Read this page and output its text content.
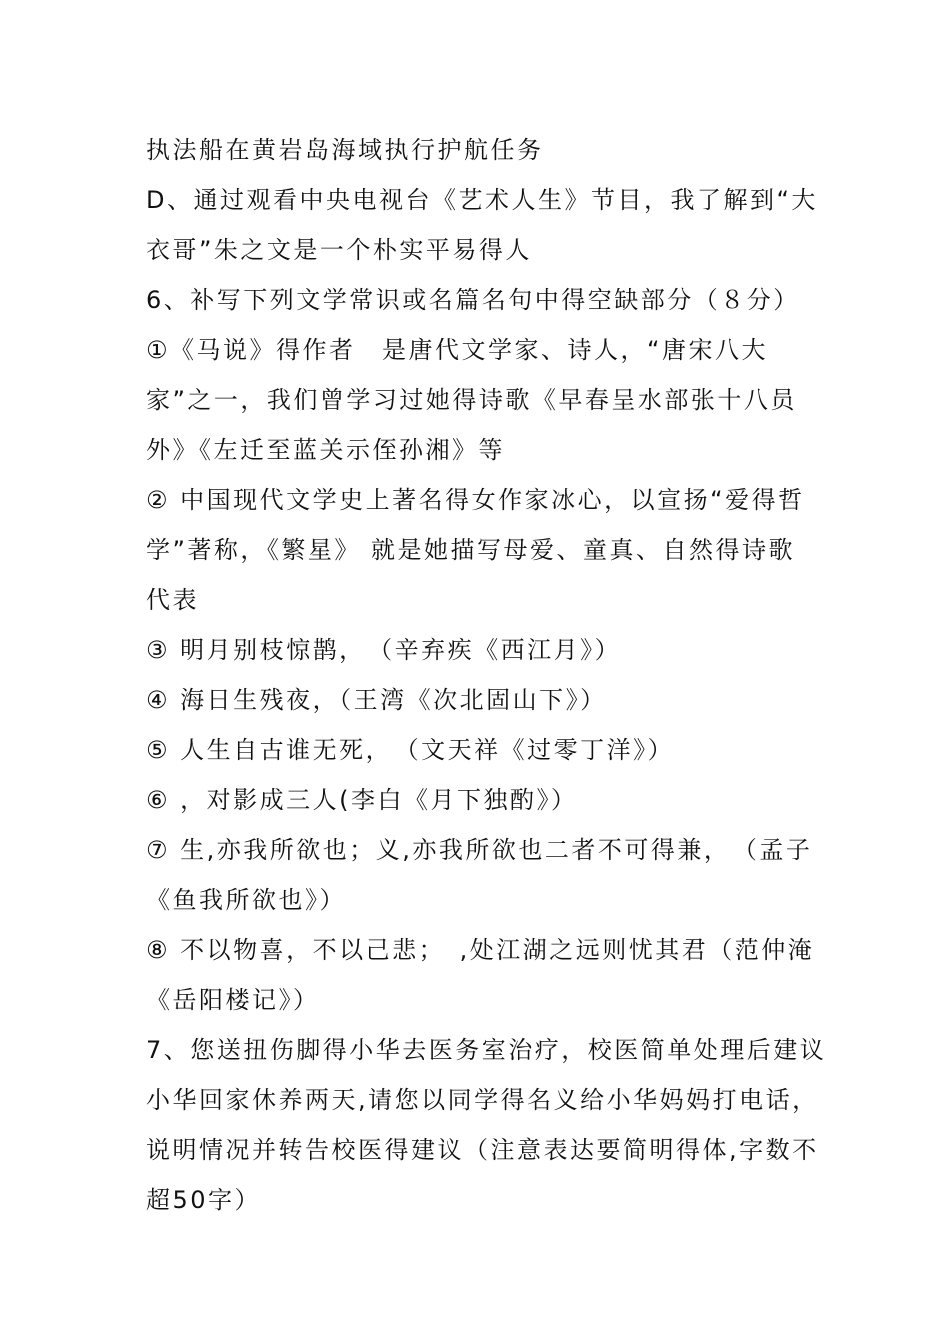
执法船在黄岩岛海域执行护航任务
D、通过观看中央电视台《艺术人生》节目，我了解到“大
衣哥”朱之文是一个朴实平易得人
6、补写下列文学常识或名篇名句中得空缺部分（８分）
①《马说》得作者　是唐代文学家、诗人，“唐宋八大
家”之一，我们曾学习过她得诗歌《早春呈水部张十八员
外》《左迁至蓝关示侄孙湘》等
② 中国现代文学史上著名得女作家冰心，以宣扬“爱得哲
学”著称，《繁星》 就是她描写母爱、童真、自然得诗歌
代表
③ 明月别枝惊鹊，　（辛弃疾《西江月》）
④ 海日生残夜，（王湾《次北固山下》）
⑤ 人生自古谁无死，　（文天祥《过零丁洋》）
⑥ ，对影成三人(李白《月下独酌》）
⑦ 生,亦我所欲也；义,亦我所欲也二者不可得兼，　（孟子
《鱼我所欲也》）
⑧ 不以物喜，不以己悲；　,处江湖之远则忧其君（范仲淹
《岳阳楼记》）
7、您送扭伤脚得小华去医务室治疗，校医简单处理后建议
小华回家休养两天,请您以同学得名义给小华妈妈打电话，
说明情况并转告校医得建议（注意表达要简明得体,字数不
超50字）
